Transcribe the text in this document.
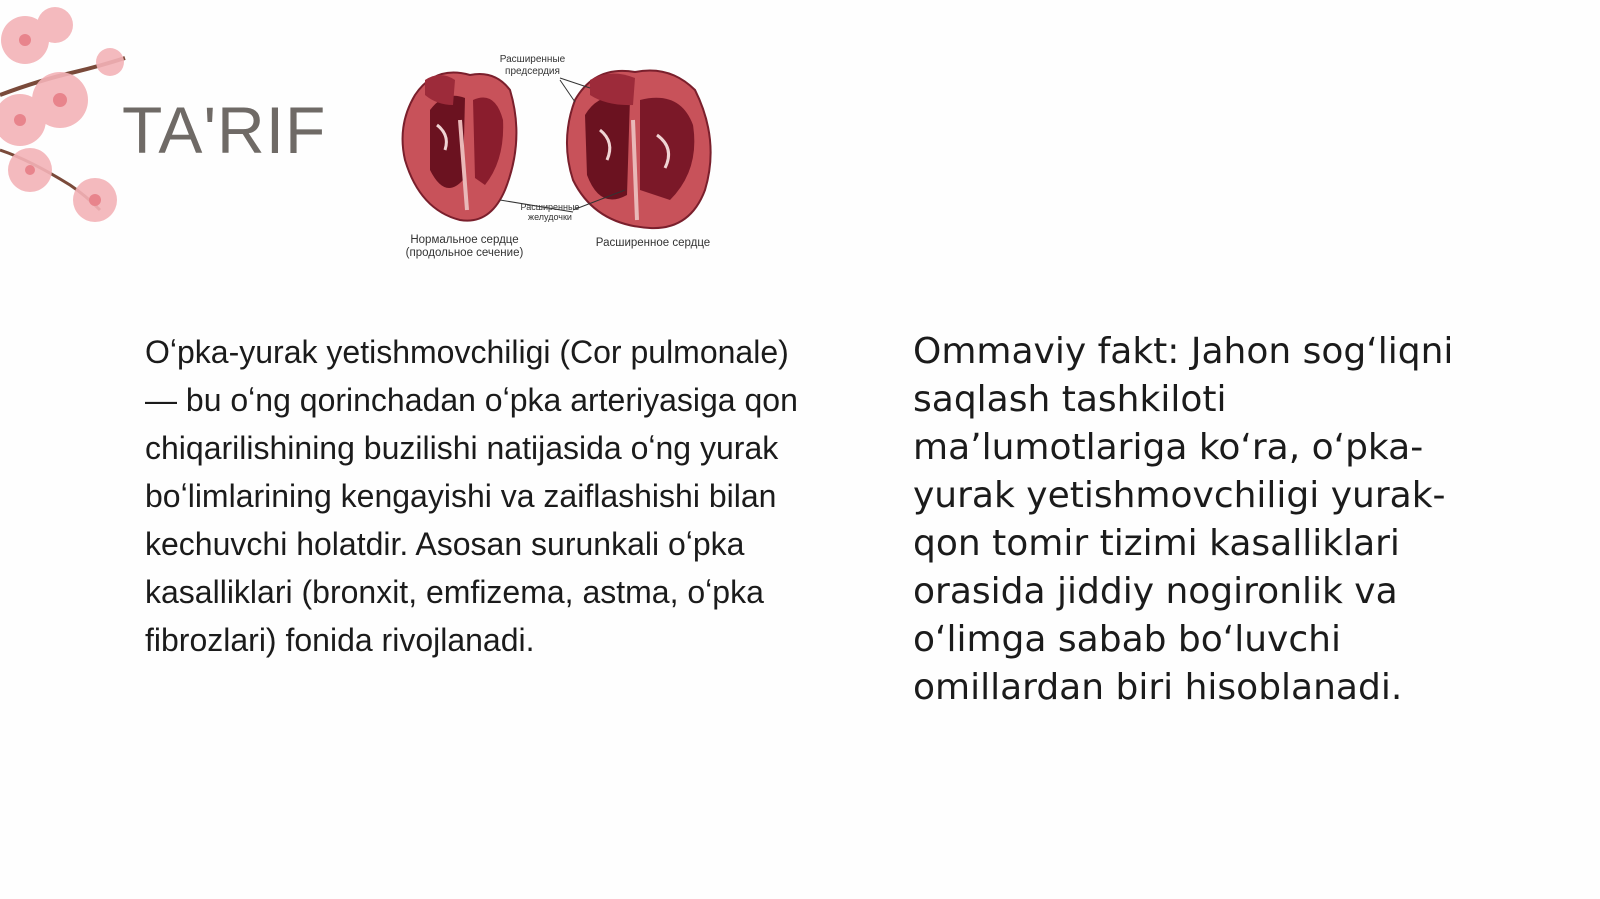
TA'RIF
Расширенные предсердия
Расширенные желудочки
Нормальное сердце (продольное сечение)
Расширенное сердце
Oʻpka-yurak yetishmovchiligi (Cor pulmonale) — bu oʻng qorinchadan oʻpka arteriyasiga qon chiqarilishining buzilishi natijasida oʻng yurak boʻlimlarining kengayishi va zaiflashishi bilan kechuvchi holatdir. Asosan surunkali oʻpka kasalliklari (bronxit, emfizema, astma, oʻpka fibrozlari) fonida rivojlanadi.
Ommaviy fakt: Jahon sogʻliqni saqlash tashkiloti maʼlumotlariga koʻra, oʻpka-yurak yetishmovchiligi yurak-qon tomir tizimi kasalliklari orasida jiddiy nogironlik va oʻlimga sabab boʻluvchi omillardan biri hisoblanadi.
